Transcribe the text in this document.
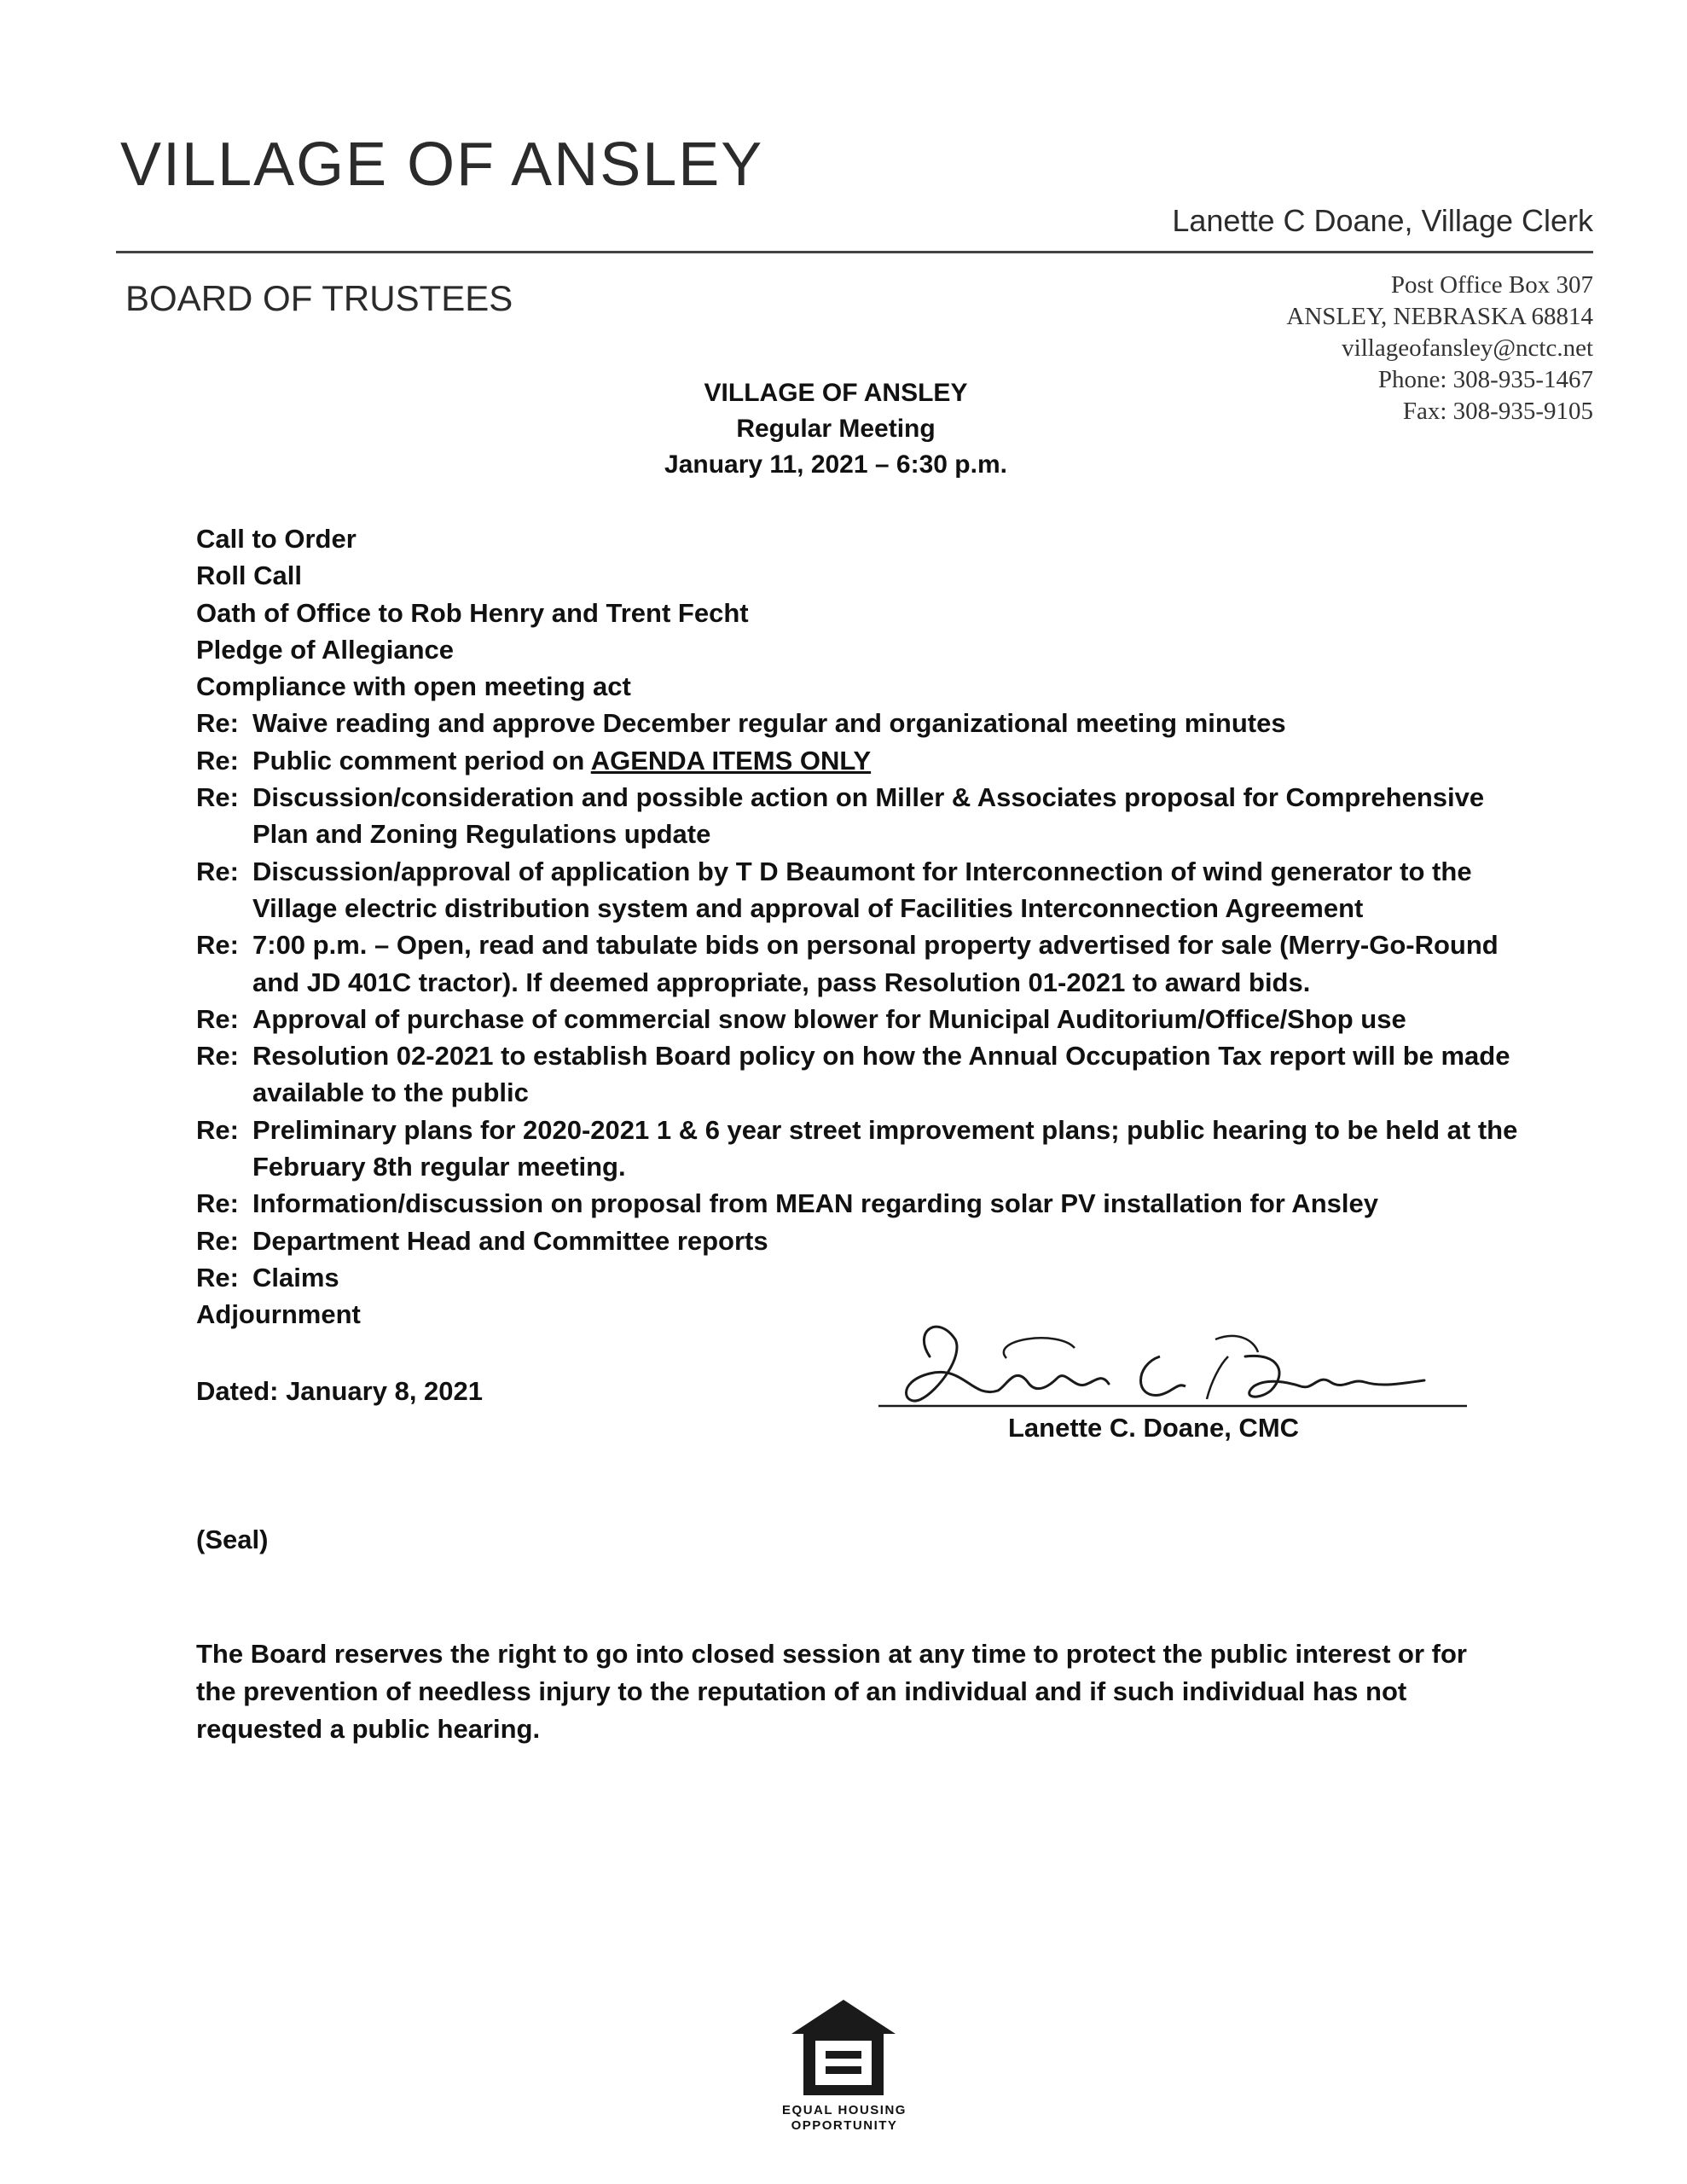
VILLAGE OF ANSLEY
Lanette C Doane, Village Clerk
BOARD OF TRUSTEES	Post Office Box 307
ANSLEY, NEBRASKA 68814
villageofansley@nctc.net
Phone: 308-935-1467
Fax: 308-935-9105
VILLAGE OF ANSLEY
Regular Meeting
January 11, 2021 – 6:30 p.m.
Call to Order
Roll Call
Oath of Office to Rob Henry and Trent Fecht
Pledge of Allegiance
Compliance with open meeting act
Re: Waive reading and approve December regular and organizational meeting minutes
Re: Public comment period on AGENDA ITEMS ONLY
Re: Discussion/consideration and possible action on Miller & Associates proposal for Comprehensive Plan and Zoning Regulations update
Re: Discussion/approval of application by T D Beaumont for Interconnection of wind generator to the Village electric distribution system and approval of Facilities Interconnection Agreement
Re: 7:00 p.m. – Open, read and tabulate bids on personal property advertised for sale (Merry-Go-Round and JD 401C tractor). If deemed appropriate, pass Resolution 01-2021 to award bids.
Re: Approval of purchase of commercial snow blower for Municipal Auditorium/Office/Shop use
Re: Resolution 02-2021 to establish Board policy on how the Annual Occupation Tax report will be made available to the public
Re: Preliminary plans for 2020-2021 1 & 6 year street improvement plans; public hearing to be held at the February 8th regular meeting.
Re: Information/discussion on proposal from MEAN regarding solar PV installation for Ansley
Re: Department Head and Committee reports
Re: Claims
Adjournment
Dated: January 8, 2021
Lanette C. Doane, CMC
(Seal)
The Board reserves the right to go into closed session at any time to protect the public interest or for the prevention of needless injury to the reputation of an individual and if such individual has not requested a public hearing.
EQUAL HOUSING
OPPORTUNITY
